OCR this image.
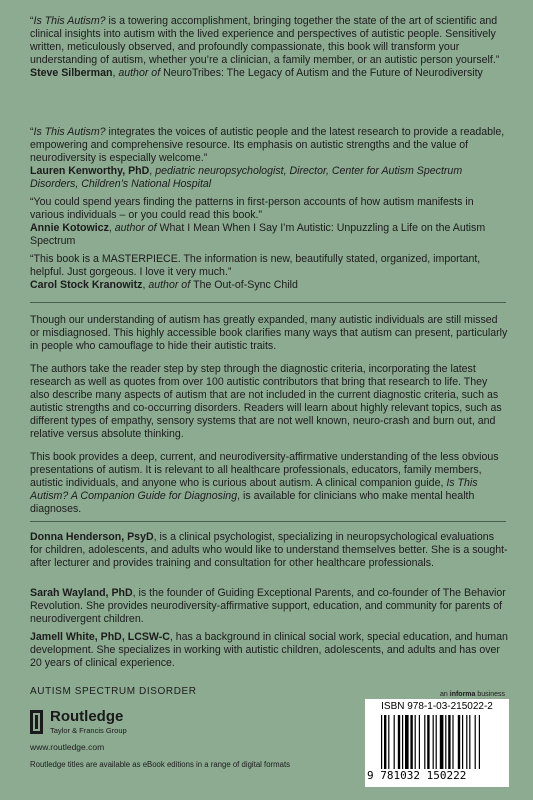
“Is This Autism? is a towering accomplishment, bringing together the state of the art of scientific and clinical insights into autism with the lived experience and perspectives of autistic people. Sensitively written, meticulously observed, and profoundly compassionate, this book will transform your understanding of autism, whether you’re a clinician, a family member, or an autistic person yourself.”

Steve Silberman, author of NeuroTribes: The Legacy of Autism and the Future of Neurodiversity

“Is This Autism? integrates the voices of autistic people and the latest research to provide a readable, empowering and comprehensive resource. Its emphasis on autistic strengths and the value of neurodiversity is especially welcome.”

Lauren Kenworthy, PhD, pediatric neuropsychologist, Director, Center for Autism Spectrum Disorders, Children’s National Hospital

“You could spend years finding the patterns in first-person accounts of how autism manifests in various individuals – or you could read this book.”

Annie Kotowicz, author of What I Mean When I Say I’m Autistic: Unpuzzling a Life on the Autism Spectrum

“This book is a MASTERPIECE. The information is new, beautifully stated, organized, important, helpful. Just gorgeous. I love it very much.”

Carol Stock Kranowitz, author of The Out-of-Sync Child

Though our understanding of autism has greatly expanded, many autistic individuals are still missed or misdiagnosed. This highly accessible book clarifies many ways that autism can present, particularly in people who camouflage to hide their autistic traits.

The authors take the reader step by step through the diagnostic criteria, incorporating the latest research as well as quotes from over 100 autistic contributors that bring that research to life. They also describe many aspects of autism that are not included in the current diagnostic criteria, such as autistic strengths and co-occurring disorders. Readers will learn about highly relevant topics, such as different types of empathy, sensory systems that are not well known, neuro-crash and burn out, and relative versus absolute thinking.

This book provides a deep, current, and neurodiversity-affirmative understanding of the less obvious presentations of autism. It is relevant to all healthcare professionals, educators, family members, autistic individuals, and anyone who is curious about autism. A clinical companion guide, Is This Autism? A Companion Guide for Diagnosing, is available for clinicians who make mental health diagnoses.

Donna Henderson, PsyD, is a clinical psychologist, specializing in neuropsychological evaluations for children, adolescents, and adults who would like to understand themselves better. She is a sought-after lecturer and provides training and consultation for other healthcare professionals.

Sarah Wayland, PhD, is the founder of Guiding Exceptional Parents, and co-founder of The Behavior Revolution. She provides neurodiversity-affirmative support, education, and community for parents of neurodivergent children.

Jamell White, PhD, LCSW-C, has a background in clinical social work, special education, and human development. She specializes in working with autistic children, adolescents, and adults and has over 20 years of clinical experience.

AUTISM SPECTRUM DISORDER
Routledge
Taylor & Francis Group
www.routledge.com
Routledge titles are available as eBook editions in a range of digital formats
an informa business
ISBN 978-1-03-215022-2
9 781032 150222
